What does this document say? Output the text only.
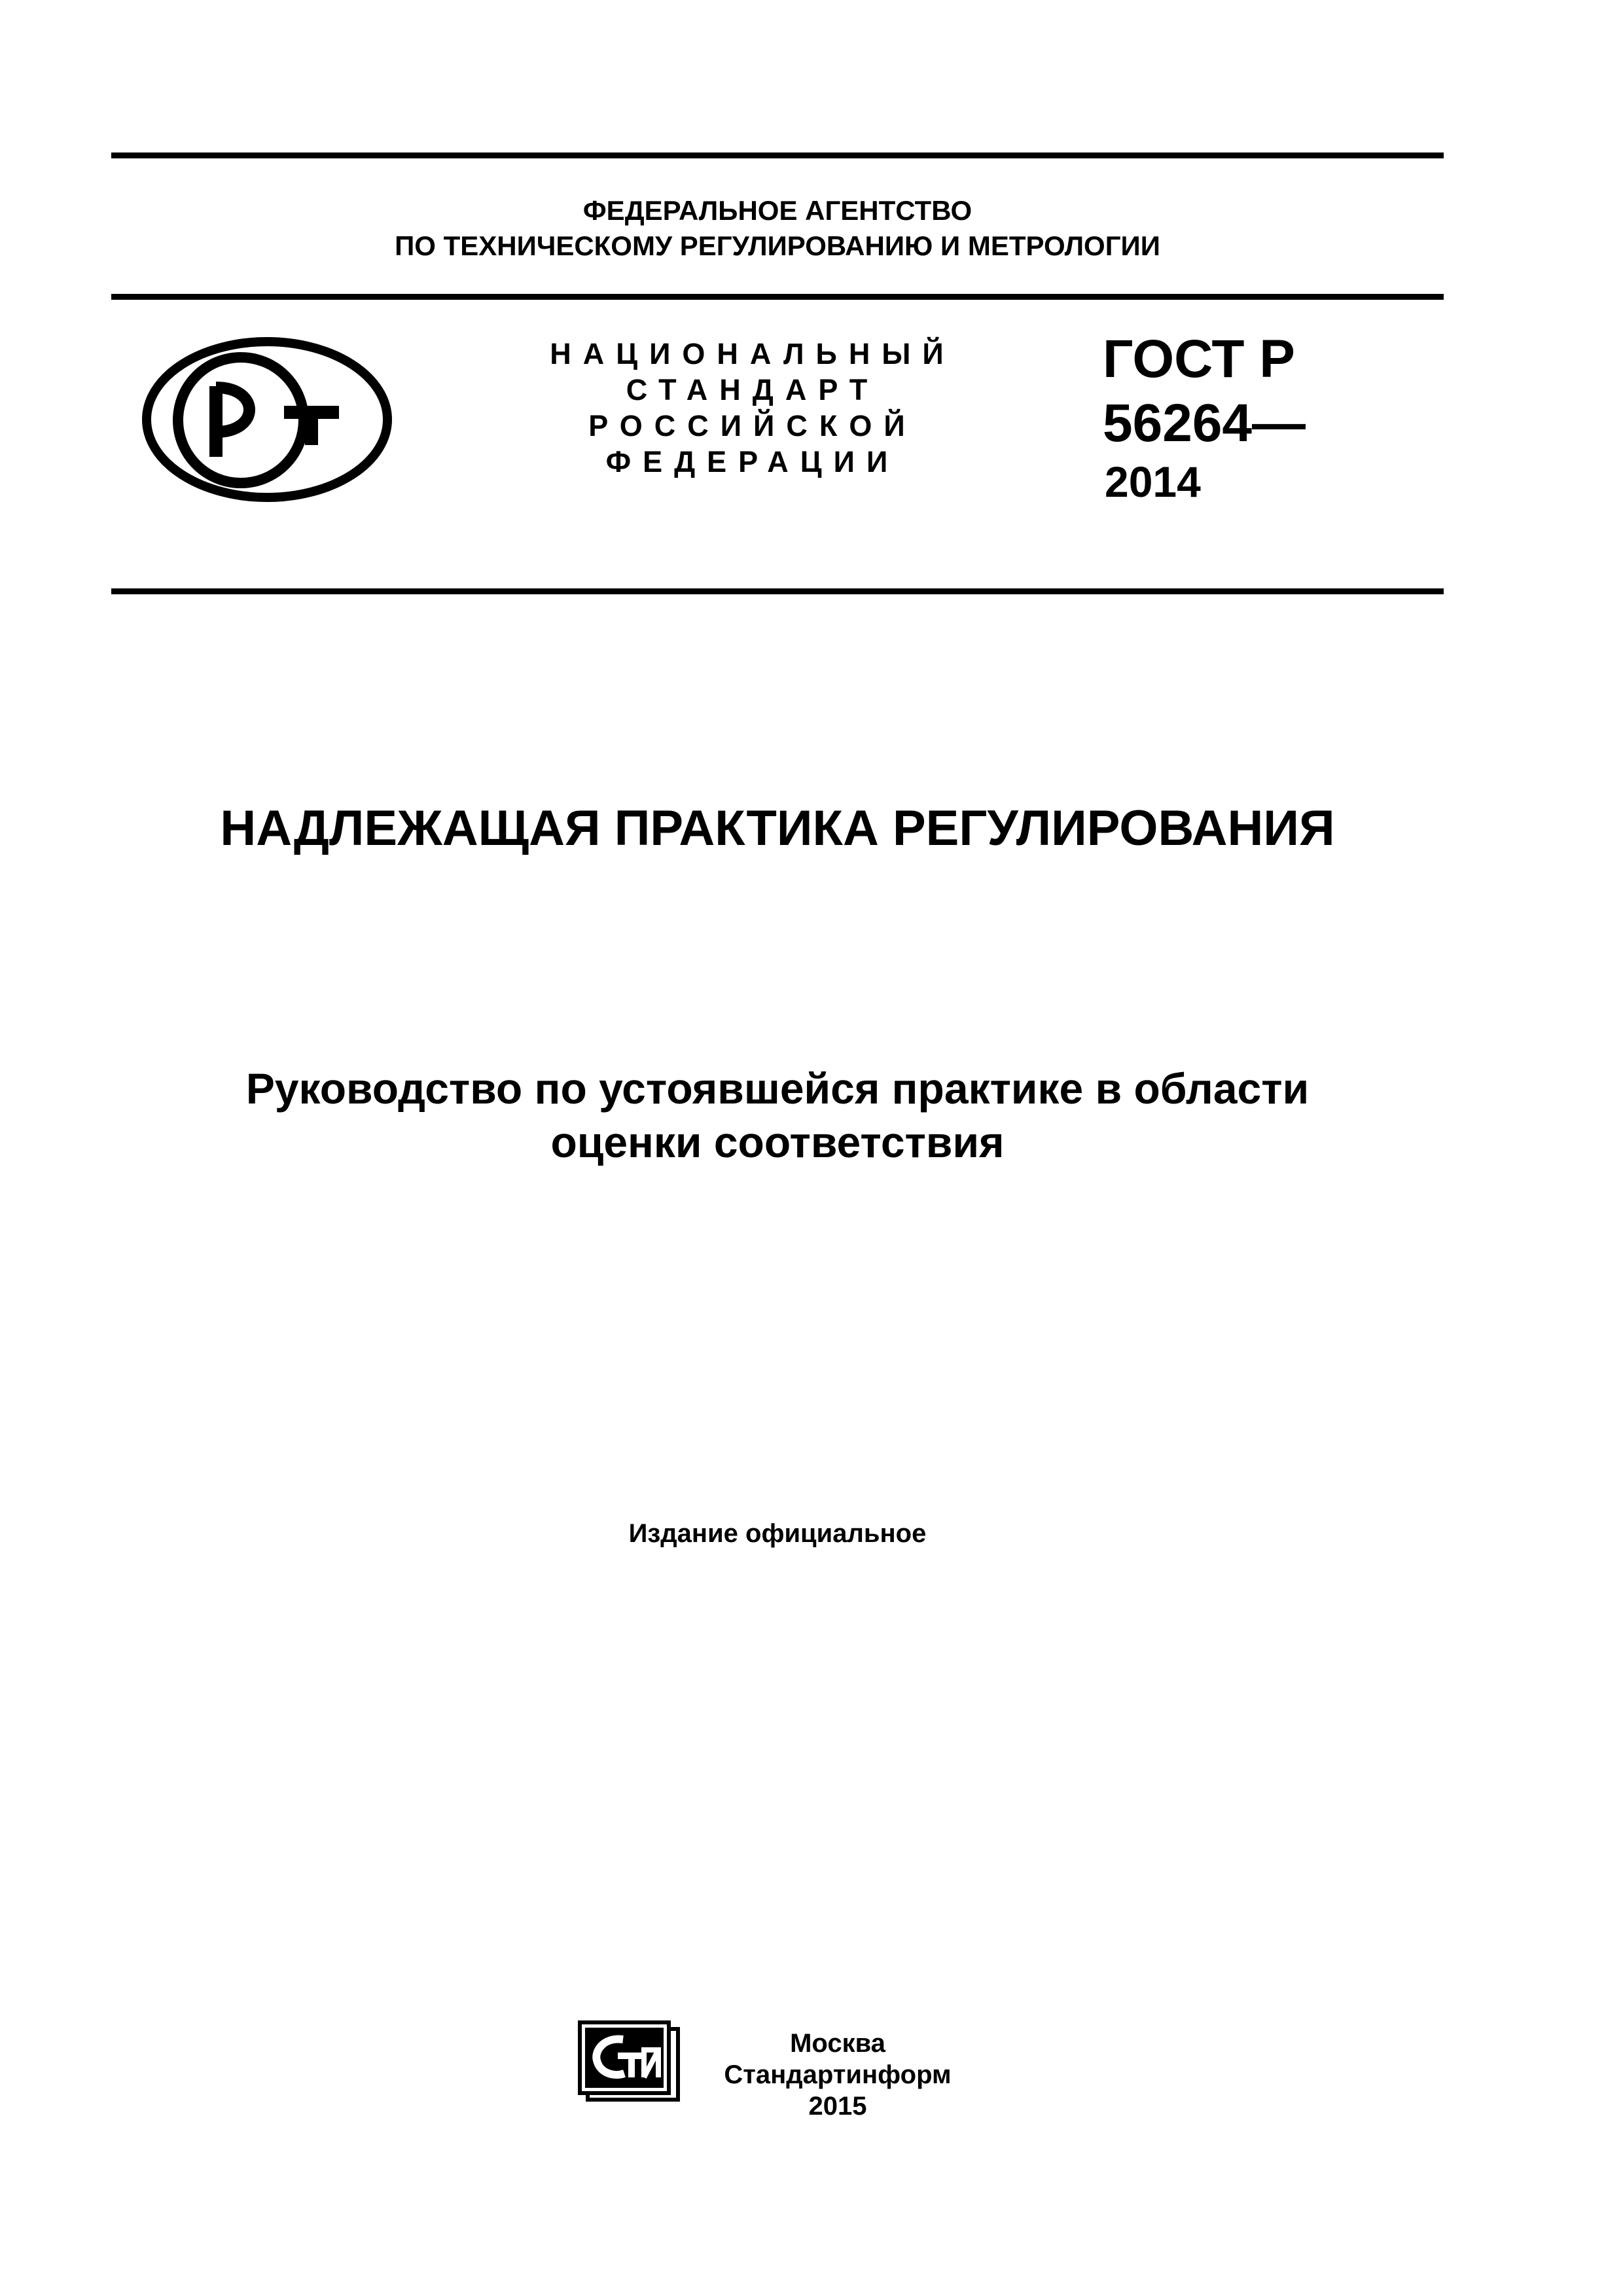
ФЕДЕРАЛЬНОЕ АГЕНТСТВО
ПО ТЕХНИЧЕСКОМУ РЕГУЛИРОВАНИЮ И МЕТРОЛОГИИ
НАЦИОНАЛЬНЫЙ
СТАНДАРТ
РОССИЙСКОЙ
ФЕДЕРАЦИИ
ГОСТ Р
56264—
2014
НАДЛЕЖАЩАЯ ПРАКТИКА РЕГУЛИРОВАНИЯ
Руководство по устоявшейся практике в области
оценки соответствия
Издание официальное
Москва
Стандартинформ
2015
